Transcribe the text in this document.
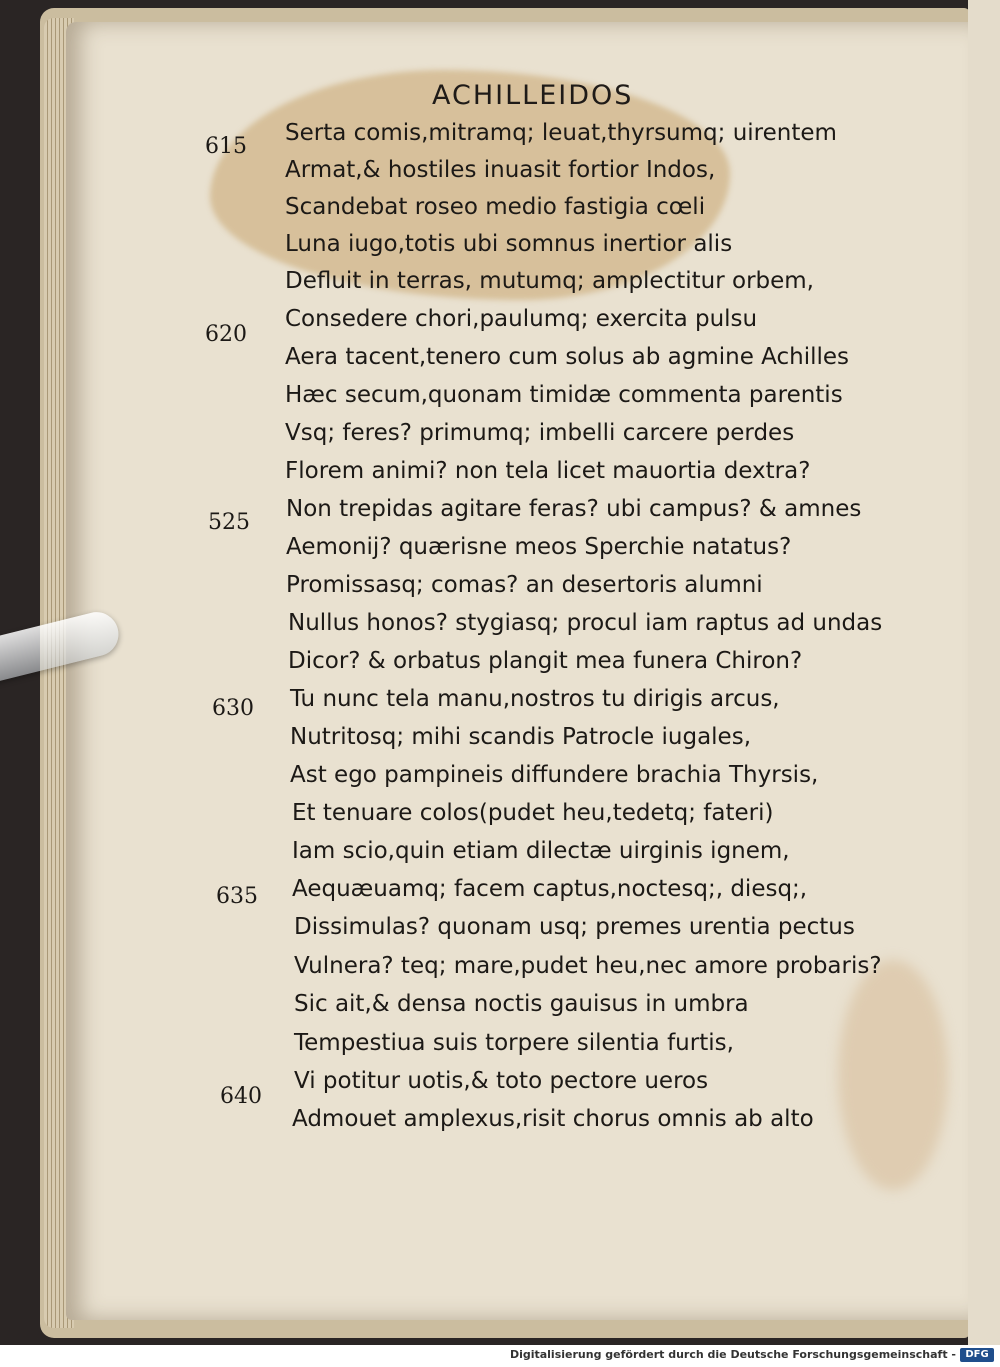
ACHILLEIDOS
615
620
525
630
635
640
Serta comis,mitramq; leuat,thyrsumq; uirentem
Armat,& hostiles inuasit fortior Indos,
Scandebat roseo medio fastigia cœli
Luna iugo,totis ubi somnus inertior alis
Defluit in terras, mutumq; amplectitur orbem,
Consedere chori,paulumq; exercita pulsu
Aera tacent,tenero cum solus ab agmine Achilles
Hæc secum,quonam timidæ commenta parentis
Vsq; feres? primumq; imbelli carcere perdes
Florem animi? non tela licet mauortia dextra?
Non trepidas agitare feras? ubi campus? & amnes
Aemonij? quærisne meos Sperchie natatus?
Promissasq; comas? an desertoris alumni
Nullus honos? stygiasq; procul iam raptus ad undas
Dicor? & orbatus plangit mea funera Chiron?
Tu nunc tela manu,nostros tu dirigis arcus,
Nutritosq; mihi scandis Patrocle iugales,
Ast ego pampineis diffundere brachia Thyrsis,
Et tenuare colos(pudet heu,tedetq; fateri)
Iam scio,quin etiam dilectæ uirginis ignem,
Aequæuamq; facem captus,noctesq;, diesq;,
Dissimulas? quonam usq; premes urentia pectus
Vulnera? teq; mare,pudet heu,nec amore probaris?
Sic ait,& densa noctis gauisus in umbra
Tempestiua suis torpere silentia furtis,
Vi potitur uotis,& toto pectore ueros
Admouet amplexus,risit chorus omnis ab alto
Digitalisierung gefördert durch die Deutsche Forschungsgemeinschaft - DFG
